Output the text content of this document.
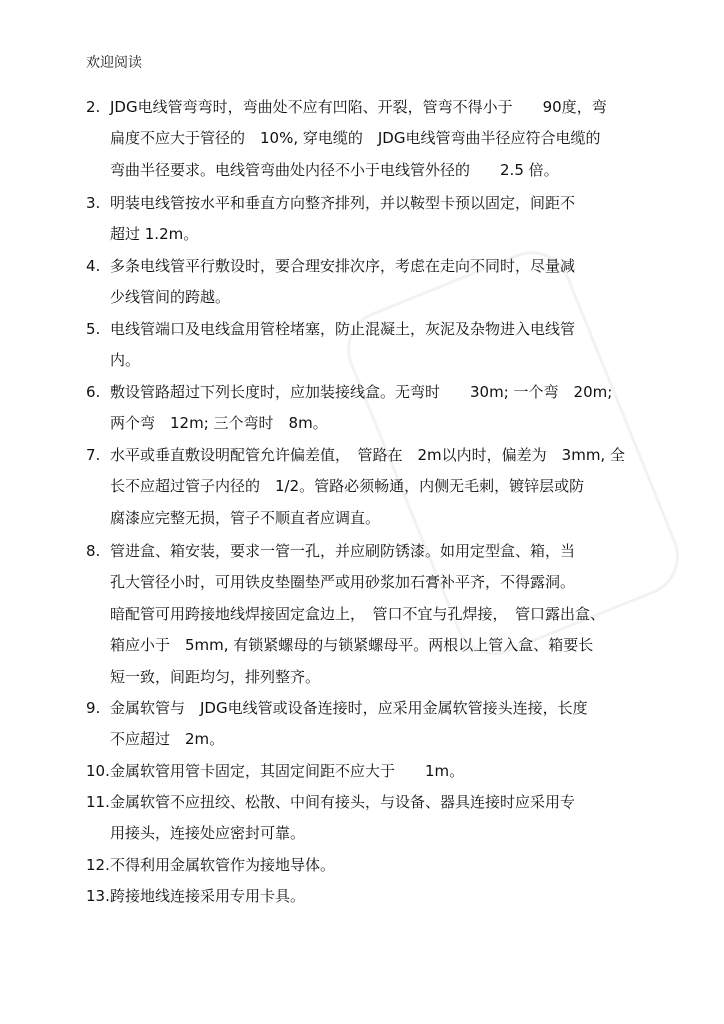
欢迎阅读
2. JDG电线管弯弯时，弯曲处不应有凹陷、开裂，管弯不得小于　　90度，弯
扁度不应大于管径的　10%, 穿电缆的　JDG电线管弯曲半径应符合电缆的
弯曲半径要求。电线管弯曲处内径不小于电线管外径的　　2.5 倍。
3. 明装电线管按水平和垂直方向整齐排列，并以鞍型卡预以固定，间距不
超过 1.2m。
4. 多条电线管平行敷设时，要合理安排次序，考虑在走向不同时，尽量减
少线管间的跨越。
5. 电线管端口及电线盒用管栓堵塞，防止混凝土，灰泥及杂物进入电线管
内。
6. 敷设管路超过下列长度时，应加装接线盒。无弯时　　30m; 一个弯　20m;
两个弯　12m; 三个弯时　8m。
7. 水平或垂直敷设明配管允许偏差值，　管路在　2m以内时，偏差为　3mm, 全
长不应超过管子内径的　1/2。管路必须畅通，内侧无毛刺，镀锌层或防
腐漆应完整无损，管子不顺直者应调直。
8. 管进盒、箱安装，要求一管一孔，并应刷防锈漆。如用定型盒、箱，当
孔大管径小时，可用铁皮垫圈垫严或用砂浆加石膏补平齐，不得露洞。
暗配管可用跨接地线焊接固定盒边上，　管口不宜与孔焊接，　管口露出盒、
箱应小于　5mm, 有锁紧螺母的与锁紧螺母平。两根以上管入盒、箱要长
短一致，间距均匀，排列整齐。
9. 金属软管与　JDG电线管或设备连接时，应采用金属软管接头连接，长度
不应超过　2m。
10. 金属软管用管卡固定，其固定间距不应大于　　1m。
11. 金属软管不应扭绞、松散、中间有接头，与设备、器具连接时应采用专
用接头，连接处应密封可靠。
12. 不得利用金属软管作为接地导体。
13. 跨接地线连接采用专用卡具。
